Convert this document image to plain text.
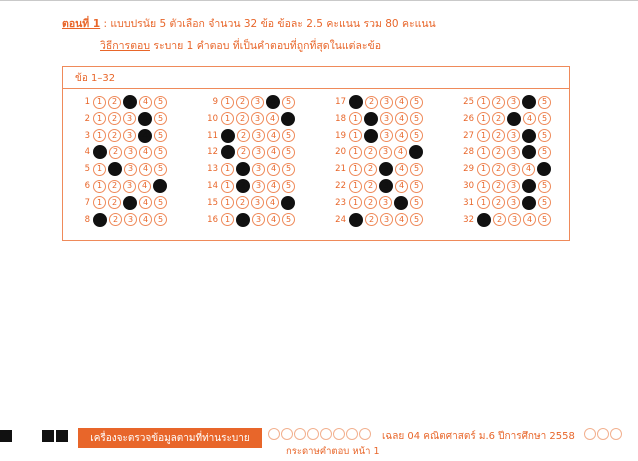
ตอนที่ 1 : แบบปรนัย 5 ตัวเลือก จำนวน 32 ข้อ ข้อละ 2.5 คะแนน รวม 80 คะแนน
วิธีการตอบ ระบาย 1 คำตอบ ที่เป็นคำตอบที่ถูกที่สุดในแต่ละข้อ
ข้อ 1–32
1 1	2	3	4	5
2 1	2	3	4	5
3 1	2	3	4	5
4 1	2	3	4	5
5 1	2	3	4	5
6 1	2	3	4	5
7 1	2	3	4	5
8 1	2	3	4	5
9 1	2	3	4	5
10 1	2	3	4	5
11 1	2	3	4	5
12 1	2	3	4	5
13 1	2	3	4	5
14 1	2	3	4	5
15 1	2	3	4	5
16 1	2	3	4	5
17 1	2	3	4	5
18 1	2	3	4	5
19 1	2	3	4	5
20 1	2	3	4	5
21 1	2	3	4	5
22 1	2	3	4	5
23 1	2	3	4	5
24 1	2	3	4	5
25 1	2	3	4	5
26 1	2	3	4	5
27 1	2	3	4	5
28 1	2	3	4	5
29 1	2	3	4	5
30 1	2	3	4	5
31 1	2	3	4	5
32 1	2	3	4	5
เครื่องจะตรวจข้อมูลตามที่ท่านระบาย	เฉลย 04 คณิตศาสตร์ ม.6 ปีการศึกษา 2558
กระดาษคำตอบ หน้า 1
